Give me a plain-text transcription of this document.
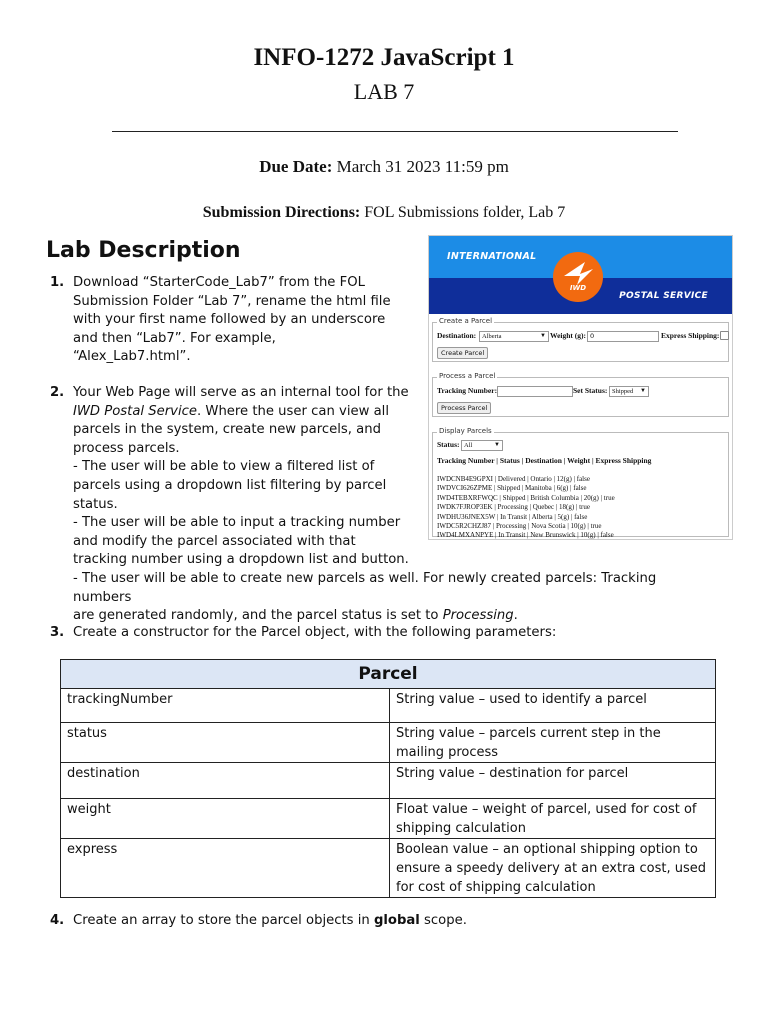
INFO-1272 JavaScript 1
LAB 7
Due Date: March 31 2023 11:59 pm
Submission Directions: FOL Submissions folder, Lab 7
Lab Description
1. Download “StarterCode_Lab7” from the FOL
Submission Folder “Lab 7”, rename the html file
with your first name followed by an underscore
and then “Lab7”. For example,
“Alex_Lab7.html”.
2. Your Web Page will serve as an internal tool for the
IWD Postal Service. Where the user can view all
parcels in the system, create new parcels, and
process parcels.
- The user will be able to view a filtered list of
parcels using a dropdown list filtering by parcel
status.
- The user will be able to input a tracking number
and modify the parcel associated with that
tracking number using a dropdown list and button.
- The user will be able to create new parcels as well. For newly created parcels: Tracking numbers
are generated randomly, and the parcel status is set to Processing.
3. Create a constructor for the Parcel object, with the following parameters:
Parcel	
trackingNumber	String value – used to identify a parcel
status	String value – parcels current step in the mailing process
destination	String value – destination for parcel
weight	Float value – weight of parcel, used for cost of shipping calculation
express	Boolean value – an optional shipping option to ensure a speedy delivery at an extra cost, used for cost of shipping calculation
4. Create an array to store the parcel objects in global scope.
INTERNATIONAL
IWD
POSTAL SERVICE
Create a Parcel
Destination: Alberta	▼ Weight (g): 0	Express Shipping:
Create Parcel
Process a Parcel
Tracking Number:	Set Status: Shipped ▼
Process Parcel
Display Parcels
Status: All	▼
Tracking Number | Status | Destination | Weight | Express Shipping
IWDCNB4E9GPXI | Delivered | Ontario | 12(g) | false
IWDVCI626ZPME | Shipped | Manitoba | 6(g) | false
IWD4TEBXRFWQC | Shipped | British Columbia | 20(g) | true
IWDK7FJROP3EK | Processing | Quebec | 18(g) | true
IWDHU36JNEX5W | In Transit | Alberta | 5(g) | false
IWDC5R2CHZJ87 | Processing | Nova Scotia | 10(g) | true
IWD4LMXANPYE | In Transit | New Brunswick | 10(g) | false
